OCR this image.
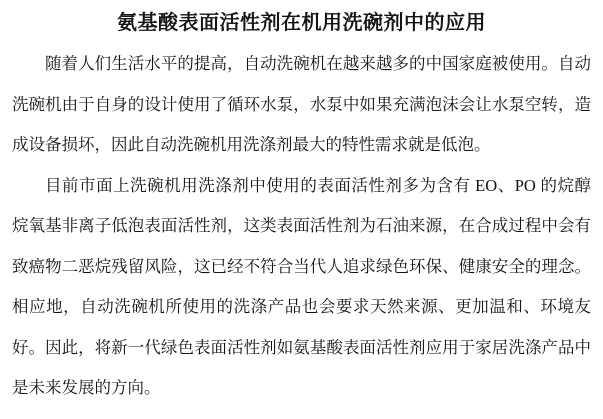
氨基酸表面活性剂在机用洗碗剂中的应用

随着人们生活水平的提高，自动洗碗机在越来越多的中国家庭被使用。自动洗碗机由于自身的设计使用了循环水泵，水泵中如果充满泡沫会让水泵空转，造成设备损坏，因此自动洗碗机用洗涤剂最大的特性需求就是低泡。

目前市面上洗碗机用洗涤剂中使用的表面活性剂多为含有 EO、PO 的烷醇烷氧基非离子低泡表面活性剂，这类表面活性剂为石油来源，在合成过程中会有致癌物二恶烷残留风险，这已经不符合当代人追求绿色环保、健康安全的理念。相应地，自动洗碗机所使用的洗涤产品也会要求天然来源、更加温和、环境友好。因此，将新一代绿色表面活性剂如氨基酸表面活性剂应用于家居洗涤产品中是未来发展的方向。
